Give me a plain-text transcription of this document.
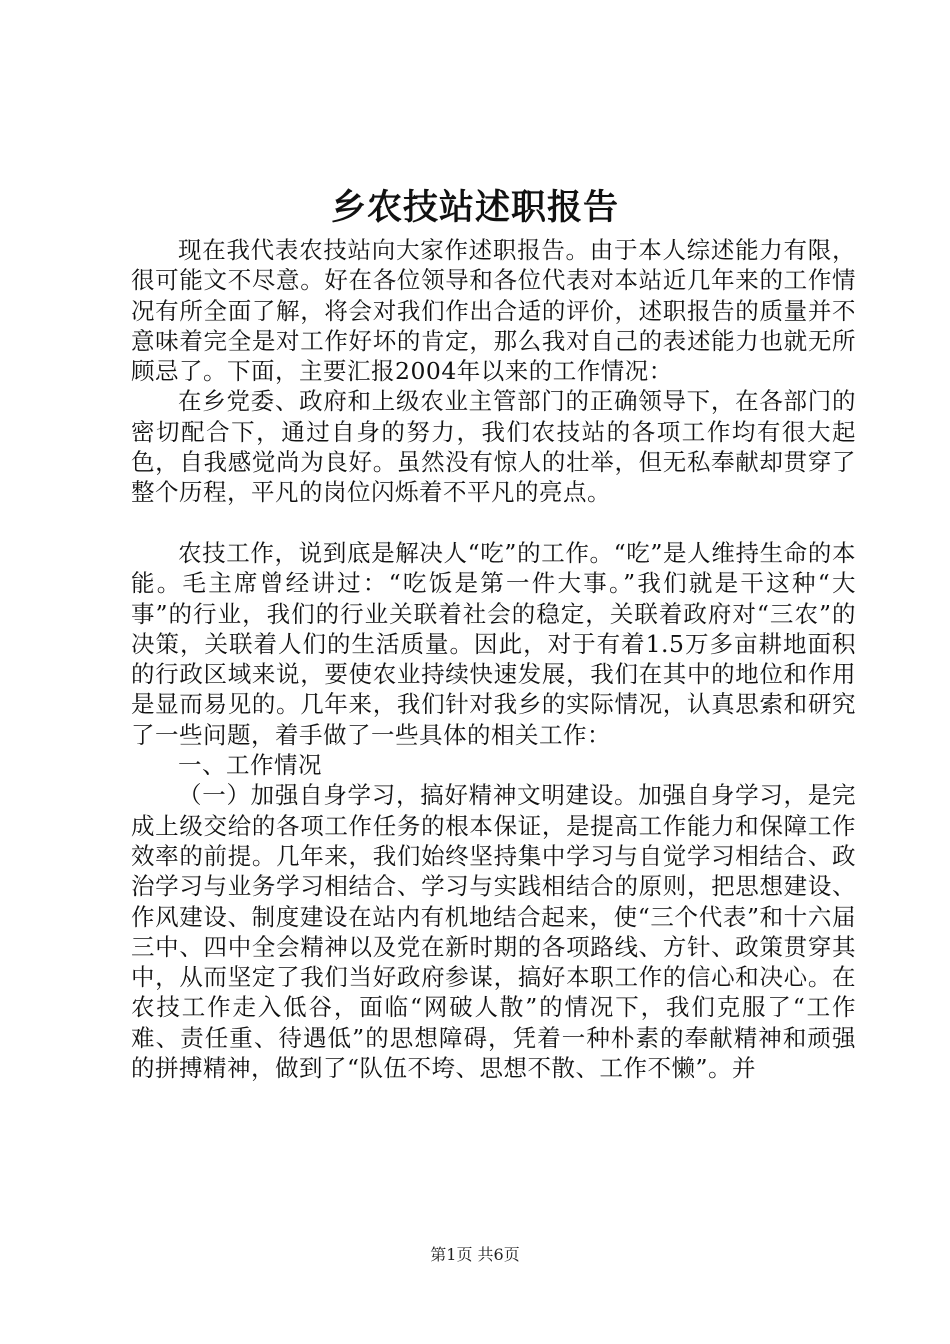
乡农技站述职报告

现在我代表农技站向大家作述职报告。由于本人综述能力有限，很可能文不尽意。好在各位领导和各位代表对本站近几年来的工作情况有所全面了解，将会对我们作出合适的评价，述职报告的质量并不意味着完全是对工作好坏的肯定，那么我对自己的表述能力也就无所顾忌了。下面，主要汇报2004年以来的工作情况：

在乡党委、政府和上级农业主管部门的正确领导下，在各部门的密切配合下，通过自身的努力，我们农技站的各项工作均有很大起色，自我感觉尚为良好。虽然没有惊人的壮举，但无私奉献却贯穿了整个历程，平凡的岗位闪烁着不平凡的亮点。

农技工作，说到底是解决人“吃”的工作。“吃”是人维持生命的本能。毛主席曾经讲过：“吃饭是第一件大事。”我们就是干这种“大事”的行业，我们的行业关联着社会的稳定，关联着政府对“三农”的决策，关联着人们的生活质量。因此，对于有着1.5万多亩耕地面积的行政区域来说，要使农业持续快速发展，我们在其中的地位和作用是显而易见的。几年来，我们针对我乡的实际情况，认真思索和研究了一些问题，着手做了一些具体的相关工作：

一、工作情况

（一）加强自身学习，搞好精神文明建设。加强自身学习，是完成上级交给的各项工作任务的根本保证，是提高工作能力和保障工作效率的前提。几年来，我们始终坚持集中学习与自觉学习相结合、政治学习与业务学习相结合、学习与实践相结合的原则，把思想建设、作风建设、制度建设在站内有机地结合起来，使“三个代表”和十六届三中、四中全会精神以及党在新时期的各项路线、方针、政策贯穿其中，从而坚定了我们当好政府参谋，搞好本职工作的信心和决心。在农技工作走入低谷，面临“网破人散”的情况下，我们克服了“工作难、责任重、待遇低”的思想障碍，凭着一种朴素的奉献精神和顽强的拼搏精神，做到了“队伍不垮、思想不散、工作不懒”。并

第1页 共6页
